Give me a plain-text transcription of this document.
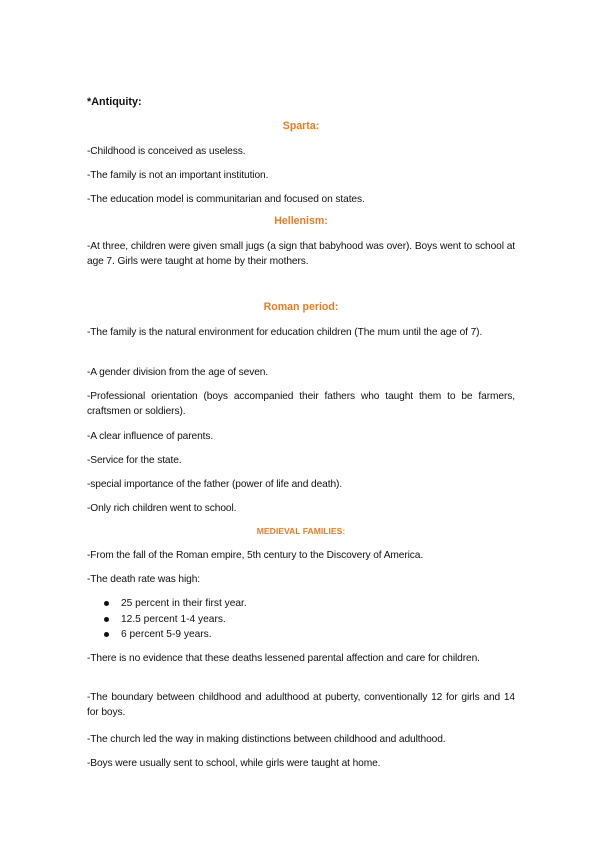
*Antiquity:
Sparta:
-Childhood is conceived as useless.
-The family is not an important institution.
-The education model is communitarian and focused on states.
Hellenism:
-At three, children were given small jugs (a sign that babyhood was over). Boys went to school at age 7. Girls were taught at home by their mothers.
Roman period:
-The family is the natural environment for education children (The mum until the age of 7).
-A gender division from the age of seven.
-Professional orientation (boys accompanied their fathers who taught them to be farmers, craftsmen or soldiers).
-A clear influence of parents.
-Service for the state.
-special importance of the father (power of life and death).
-Only rich children went to school.
MEDIEVAL FAMILIES:
-From the fall of the Roman empire, 5th century to the Discovery of America.
-The death rate was high:
25 percent in their first year.
12.5 percent 1-4 years.
6 percent 5-9 years.
-There is no evidence that these deaths lessened parental affection and care for children.
-The boundary between childhood and adulthood at puberty, conventionally 12 for girls and 14 for boys.
-The church led the way in making distinctions between childhood and adulthood.
-Boys were usually sent to school, while girls were taught at home.
